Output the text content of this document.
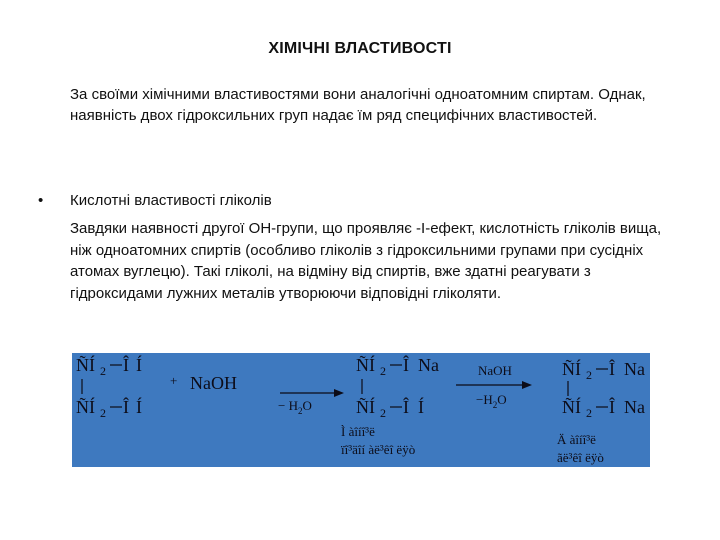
ХІМІЧНІ ВЛАСТИВОСТІ
За своїми хімічними властивостями вони аналогічні одноатомним спиртам. Однак, наявність двох гідроксильних груп надає їм ряд специфічних властивостей.
• Кислотні властивості гліколів
Завдяки наявності другої ОН-групи, що проявляє -І-ефект, кислотність гліколів вища, ніж одноатомних спиртів (особливо гліколів з гідроксильними групами при сусідніх атомах вуглецю). Такі гліколі, на відміну від спиртів, вже здатні реагувати з гідроксидами лужних металів утворюючи відповідні гліколяти.
ÑÍ 2 Î Í
ÑÍ 2 Î Í
+ NaOH
− $H_2O$
ÑÍ 2 Î Na
ÑÍ 2 Î Í
Ì àîíî³ë
ïî³äîí àë³êî ëÿò
NaOH
$-H_2O$
ÑÍ 2 Î Na
ÑÍ 2 Î Na
Ä àîíî³ë
ãë³êî ëÿò
